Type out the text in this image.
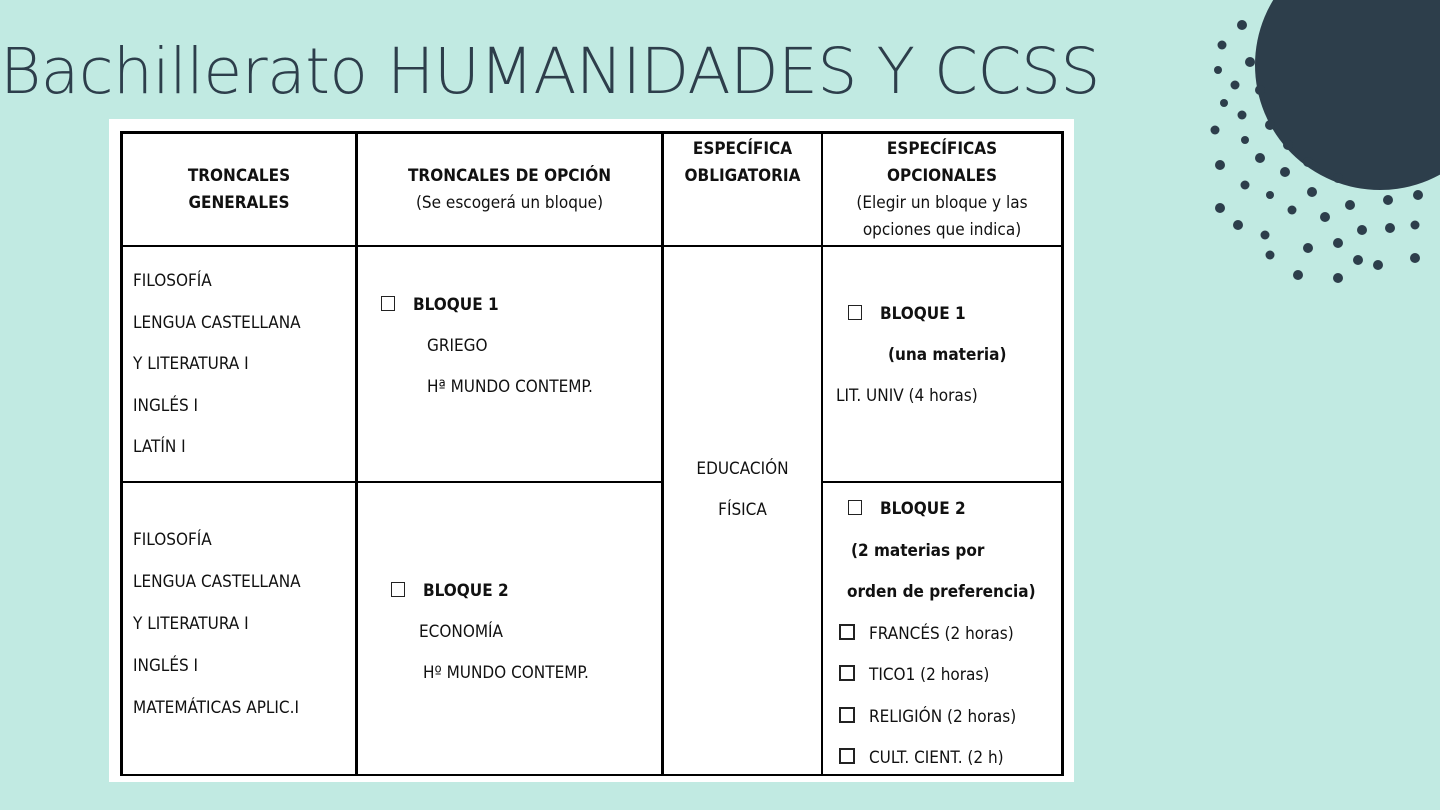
Bachillerato HUMANIDADES Y CCSS
TRONCALES
GENERALES
TRONCALES DE OPCIÓN
(Se escogerá un bloque)
ESPECÍFICA
OBLIGATORIA
ESPECÍFICAS
OPCIONALES
(Elegir un bloque y las
opciones que indica)

FILOSOFÍA

LENGUA CASTELLANA

Y LITERATURA I

INGLÉS I

LATÍN I

FILOSOFÍA

LENGUA CASTELLANA

Y LITERATURA I

INGLÉS I

MATEMÁTICAS APLIC.I

BLOQUE 1

GRIEGO

Hª MUNDO CONTEMP.

BLOQUE 2

ECONOMÍA

Hº MUNDO CONTEMP.

EDUCACIÓN
FÍSICA

BLOQUE 1

(una materia)

LIT. UNIV (4 horas)

BLOQUE 2

(2 materias por

orden de preferencia)

FRANCÉS (2 horas)

TICO1 (2 horas)

RELIGIÓN (2 horas)

CULT. CIENT. (2 h)
